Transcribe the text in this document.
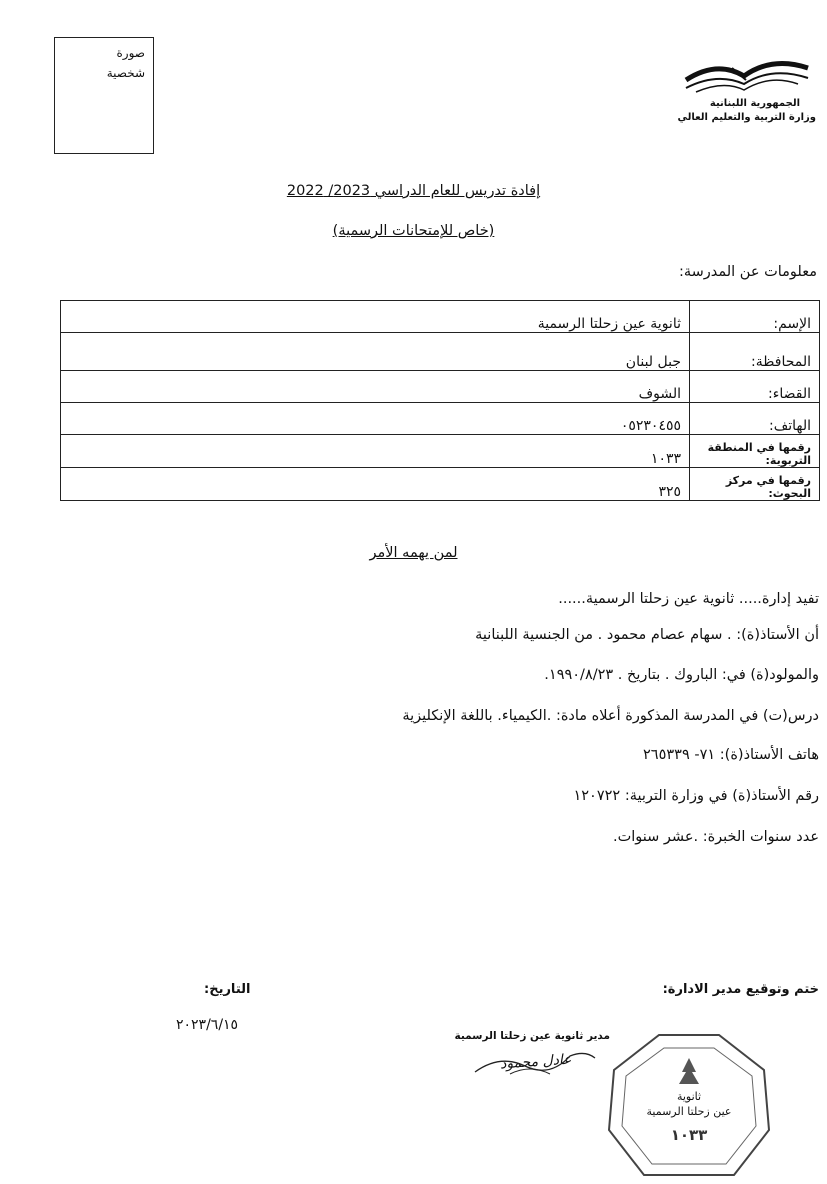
صورة
شخصية
الجمهورية اللبنانية
وزارة التربية والتعليم العالي
إفادة تدريس للعام الدراسي 2023/ 2022
(خاص للإمتحانات الرسمية)
معلومات عن المدرسة:
الإسم:	ثانوية عين زحلتا الرسمية
المحافظة:	جبل لبنان
القضاء:	الشوف
الهاتف:	٠٥٢٣٠٤٥٥
رقمها في المنطقة التربوية:	١٠٣٣
رقمها في مركز البحوث:	٣٢٥
لمن يهمه الأمر
تفيد إدارة..... ثانوية عين زحلتا الرسمية......
أن الأستاذ(ة): . سهام عصام محمود . من الجنسية اللبنانية
والمولود(ة) في: الباروك . بتاريخ . ١٩٩٠/٨/٢٣.
درس(ت) في المدرسة المذكورة أعلاه مادة: .الكيمياء. باللغة الإنكليزية
هاتف الأستاذ(ة): ٧١- ٢٦٥٣٣٩
رقم الأستاذ(ة) في وزارة التربية: ١٢٠٧٢٢
عدد سنوات الخبرة: .عشر سنوات.
ختم وتوقيع مدير الادارة:
التاريخ:
٢٠٢٣/٦/١٥
مدير ثانوية عين زحلتا الرسمية
عادل محمود
ثانوية
عين زحلتا الرسمية
١٠٣٣
